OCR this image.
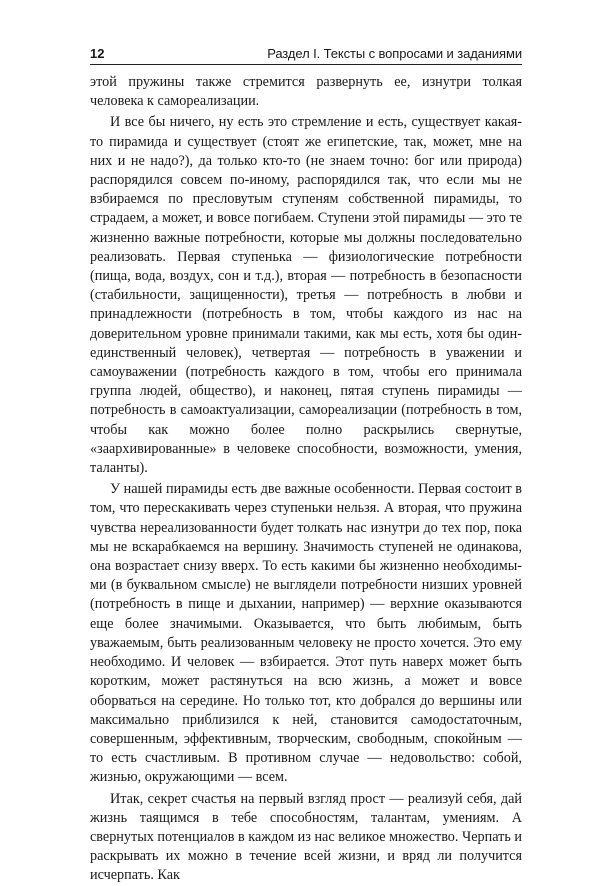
12	Раздел I. Тексты с вопросами и заданиями

этой пружины также стремится развернуть ее, изнутри толкая человека к самореализации.

И все бы ничего, ну есть это стремление и есть, существует какая-то пирамида и существует (стоят же египетские, так, может, мне на них и не надо?), да только кто-то (не знаем точно: бог или природа) распорядился совсем по-иному, распорядился так, что если мы не взбираемся по пресловутым ступеням собственной пирамиды, то страдаем, а может, и вовсе погибаем. Ступени этой пирамиды — это те жизненно важные потребности, которые мы должны последовательно реализовать. Первая ступенька — физиологические потребности (пища, вода, воздух, сон и т.д.), вторая — потребность в безопасности (стабильности, защищенности), третья — потребность в любви и принадлежности (потребность в том, чтобы каждого из нас на доверительном уровне принимали такими, как мы есть, хотя бы один-единственный человек), четвертая — потребность в уважении и самоуважении (потребность каждого в том, чтобы его принимала группа людей, общество), и наконец, пятая ступень пирамиды — потребность в самоактуализации, самореализации (потребность в том, чтобы как можно более полно раскрылись свернутые, «заархивированные» в человеке способности, возможности, умения, таланты).

У нашей пирамиды есть две важные особенности. Первая состоит в том, что перескакивать через ступеньки нельзя. А вторая, что пружина чувства нереализованности будет толкать нас изнутри до тех пор, пока мы не вскарабкаемся на вершину. Значимость ступеней не одинакова, она возрастает снизу вверх. То есть какими бы жизненно необходимыми (в буквальном смысле) не выглядели потребности низших уровней (потребность в пище и дыхании, например) — верхние оказываются еще более значимыми. Оказывается, что быть любимым, быть уважаемым, быть реализованным человеку не просто хочется. Это ему необходимо. И человек — взбирается. Этот путь наверх может быть коротким, может растянуться на всю жизнь, а может и вовсе оборваться на середине. Но только тот, кто добрался до вершины или максимально приблизился к ней, становится самодостаточным, совершенным, эффективным, творческим, свободным, спокойным — то есть счастливым. В противном случае — недовольство: собой, жизнью, окружающими — всем.

Итак, секрет счастья на первый взгляд прост — реализуй себя, дай жизнь таящимся в тебе способностям, талантам, умениям. А свернутых потенциалов в каждом из нас великое множество. Черпать и раскрывать их можно в течение всей жизни, и вряд ли получится исчерпать. Как
